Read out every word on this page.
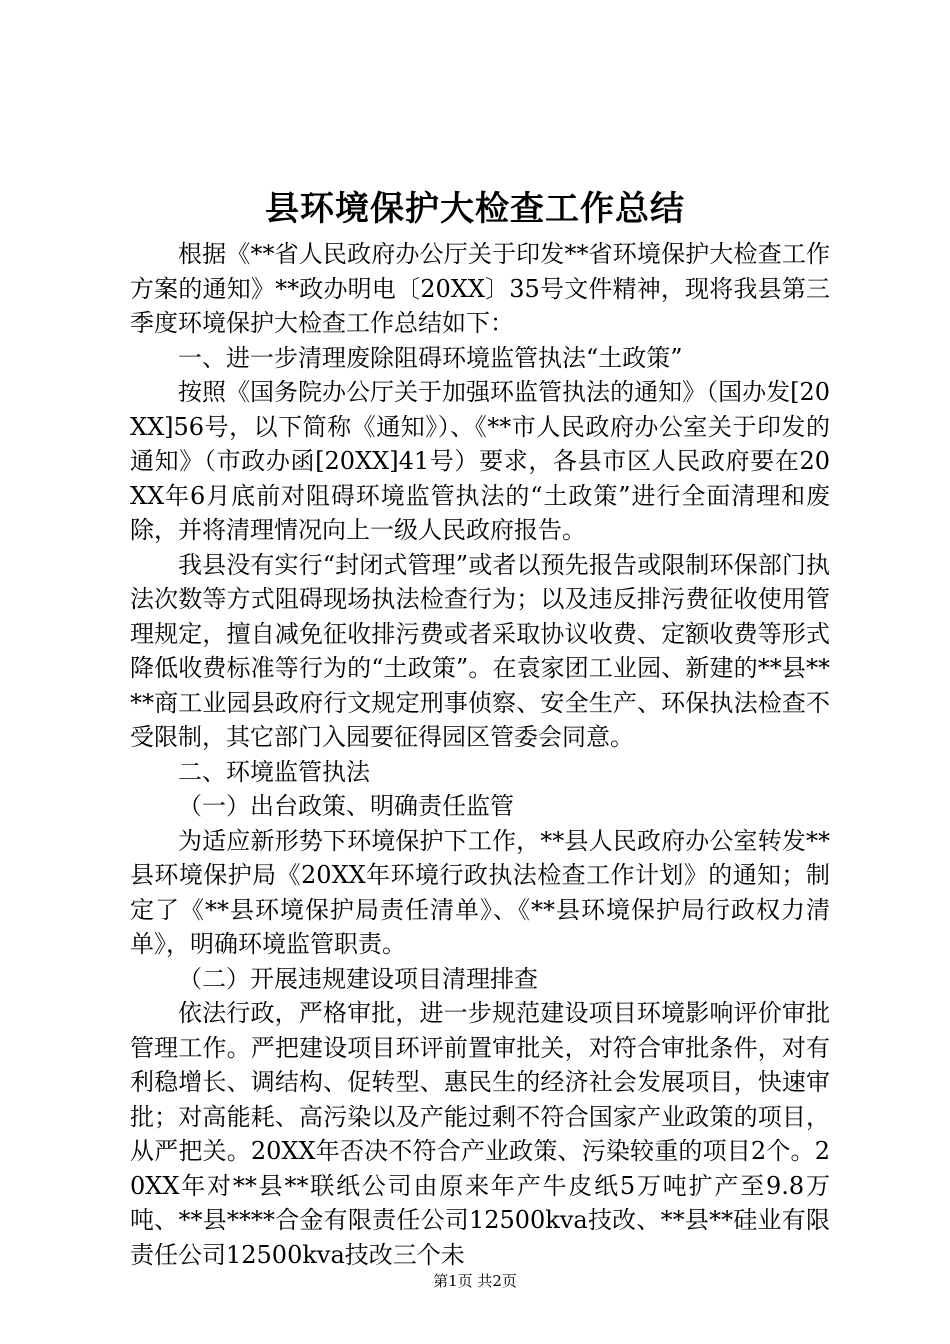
县环境保护大检查工作总结

根据《**省人民政府办公厅关于印发**省环境保护大检查工作方案的通知》**政办明电〔20XX〕35号文件精神，现将我县第三季度环境保护大检查工作总结如下：

一、进一步清理废除阻碍环境监管执法“土政策”

按照《国务院办公厅关于加强环监管执法的通知》（国办发[20XX]56号，以下简称《通知》）、《**市人民政府办公室关于印发的通知》（市政办函[20XX]41号）要求，各县市区人民政府要在20XX年6月底前对阻碍环境监管执法的“土政策”进行全面清理和废除，并将清理情况向上一级人民政府报告。

我县没有实行“封闭式管理”或者以预先报告或限制环保部门执法次数等方式阻碍现场执法检查行为；以及违反排污费征收使用管理规定，擅自减免征收排污费或者采取协议收费、定额收费等形式降低收费标准等行为的“土政策”。在袁家团工业园、新建的**县****商工业园县政府行文规定刑事侦察、安全生产、环保执法检查不受限制，其它部门入园要征得园区管委会同意。

二、环境监管执法

（一）出台政策、明确责任监管

为适应新形势下环境保护下工作，**县人民政府办公室转发**县环境保护局《20XX年环境行政执法检查工作计划》的通知；制定了《**县环境保护局责任清单》、《**县环境保护局行政权力清单》，明确环境监管职责。

（二）开展违规建设项目清理排查

依法行政，严格审批，进一步规范建设项目环境影响评价审批管理工作。严把建设项目环评前置审批关，对符合审批条件，对有利稳增长、调结构、促转型、惠民生的经济社会发展项目，快速审批；对高能耗、高污染以及产能过剩不符合国家产业政策的项目，从严把关。20XX年否决不符合产业政策、污染较重的项目2个。20XX年对**县**联纸公司由原来年产牛皮纸5万吨扩产至9.8万吨、**县****合金有限责任公司12500kva技改、**县**硅业有限责任公司12500kva技改三个未

第1页 共2页
